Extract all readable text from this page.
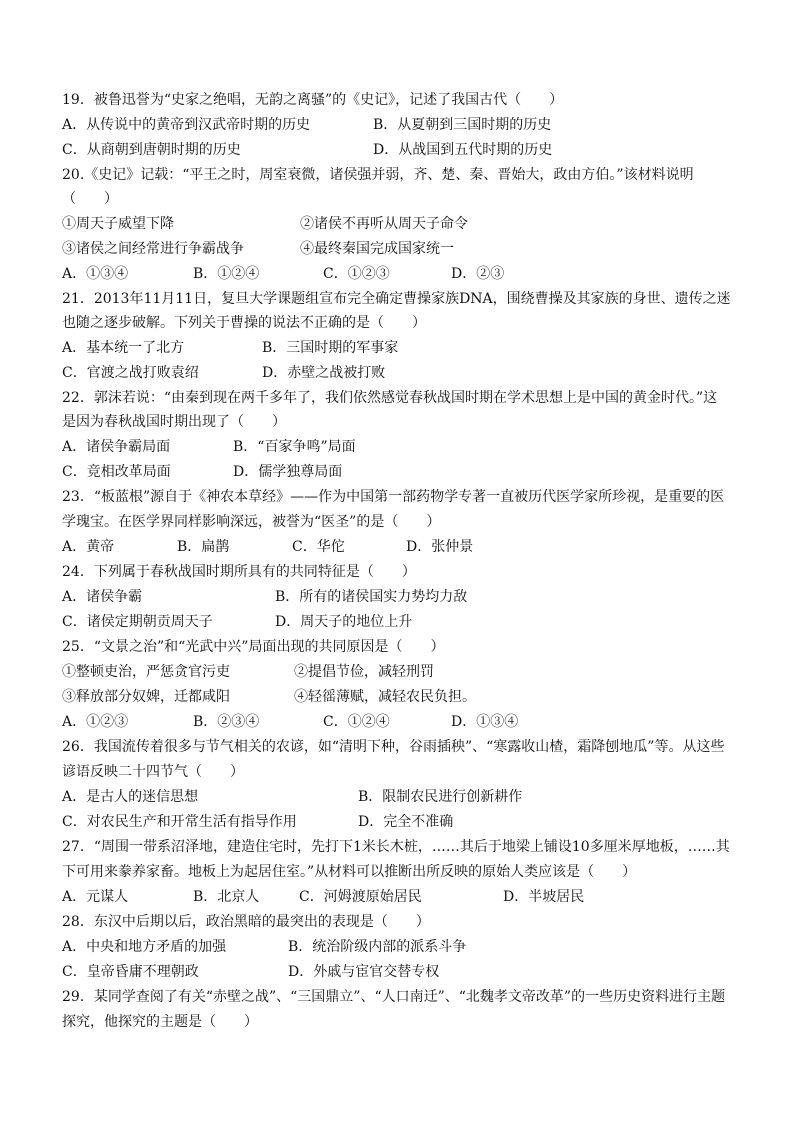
19．被鲁迅誉为“史家之绝唱，无韵之离骚”的《史记》，记述了我国古代（　　）
A．从传说中的黄帝到汉武帝时期的历史	B．从夏朝到三国时期的历史
C．从商朝到唐朝时期的历史	D．从战国到五代时期的历史
20.《史记》记载：“平王之时，周室衰微，诸侯强并弱，齐、楚、秦、晋始大，政由方伯。”该材料说明
（　　）
①周天子威望下降	②诸侯不再听从周天子命令
③诸侯之间经常进行争霸战争	④最终秦国完成国家统一
A．①③④	B．①②④	C．①②③	D．②③
21．2013年11月11日，复旦大学课题组宣布完全确定曹操家族DNA，围绕曹操及其家族的身世、遗传之迷
也随之逐步破解。下列关于曹操的说法不正确的是（　　）
A．基本统一了北方	B．三国时期的军事家
C．官渡之战打败袁绍	D．赤壁之战被打败
22．郭沫若说：“由秦到现在两千多年了，我们依然感觉春秋战国时期在学术思想上是中国的黄金时代。”这
是因为春秋战国时期出现了（　　）
A．诸侯争霸局面	B．“百家争鸣”局面
C．竞相改革局面	D．儒学独尊局面
23．“板蓝根”源自于《神农本草经》——作为中国第一部药物学专著一直被历代医学家所珍视，是重要的医
学瑰宝。在医学界同样影响深远，被誉为“医圣”的是（　　）
A．黄帝	B．扁鹊	C．华佗	D．张仲景
24．下列属于春秋战国时期所具有的共同特征是（　　）
A．诸侯争霸	B．所有的诸侯国实力势均力敌
C．诸侯定期朝贡周天子	D．周天子的地位上升
25．“文景之治”和“光武中兴”局面出现的共同原因是（　　）
①整顿吏治，严惩贪官污吏	②提倡节俭，减轻刑罚
③释放部分奴婢，迁都咸阳	④轻徭薄赋，减轻农民负担。
A．①②③	B．②③④	C．①②④	D．①③④
26．我国流传着很多与节气相关的农谚，如“清明下种，谷雨插秧”、“寒露收山楂，霜降刨地瓜”等。从这些
谚语反映二十四节气（　　）
A．是古人的迷信思想	B．限制农民进行创新耕作
C．对农民生产和开常生活有指导作用	D．完全不准确
27．“周围一带系沼泽地，建造住宅时，先打下1米长木桩，……其后于地梁上铺设10多厘米厚地板，……其
下可用来豢养家畜。地板上为起居住室。”从材料可以推断出所反映的原始人类应该是（　　）
A．元谋人	B．北京人	C．河姆渡原始居民	D．半坡居民
28．东汉中后期以后，政治黑暗的最突出的表现是（　　）
A．中央和地方矛盾的加强	B．统治阶级内部的派系斗争
C．皇帝昏庸不理朝政	D．外戚与宦官交替专权
29．某同学查阅了有关“赤壁之战”、“三国鼎立”、“人口南迁”、“北魏孝文帝改革”的一些历史资料进行主题
探究，他探究的主题是（　　）
